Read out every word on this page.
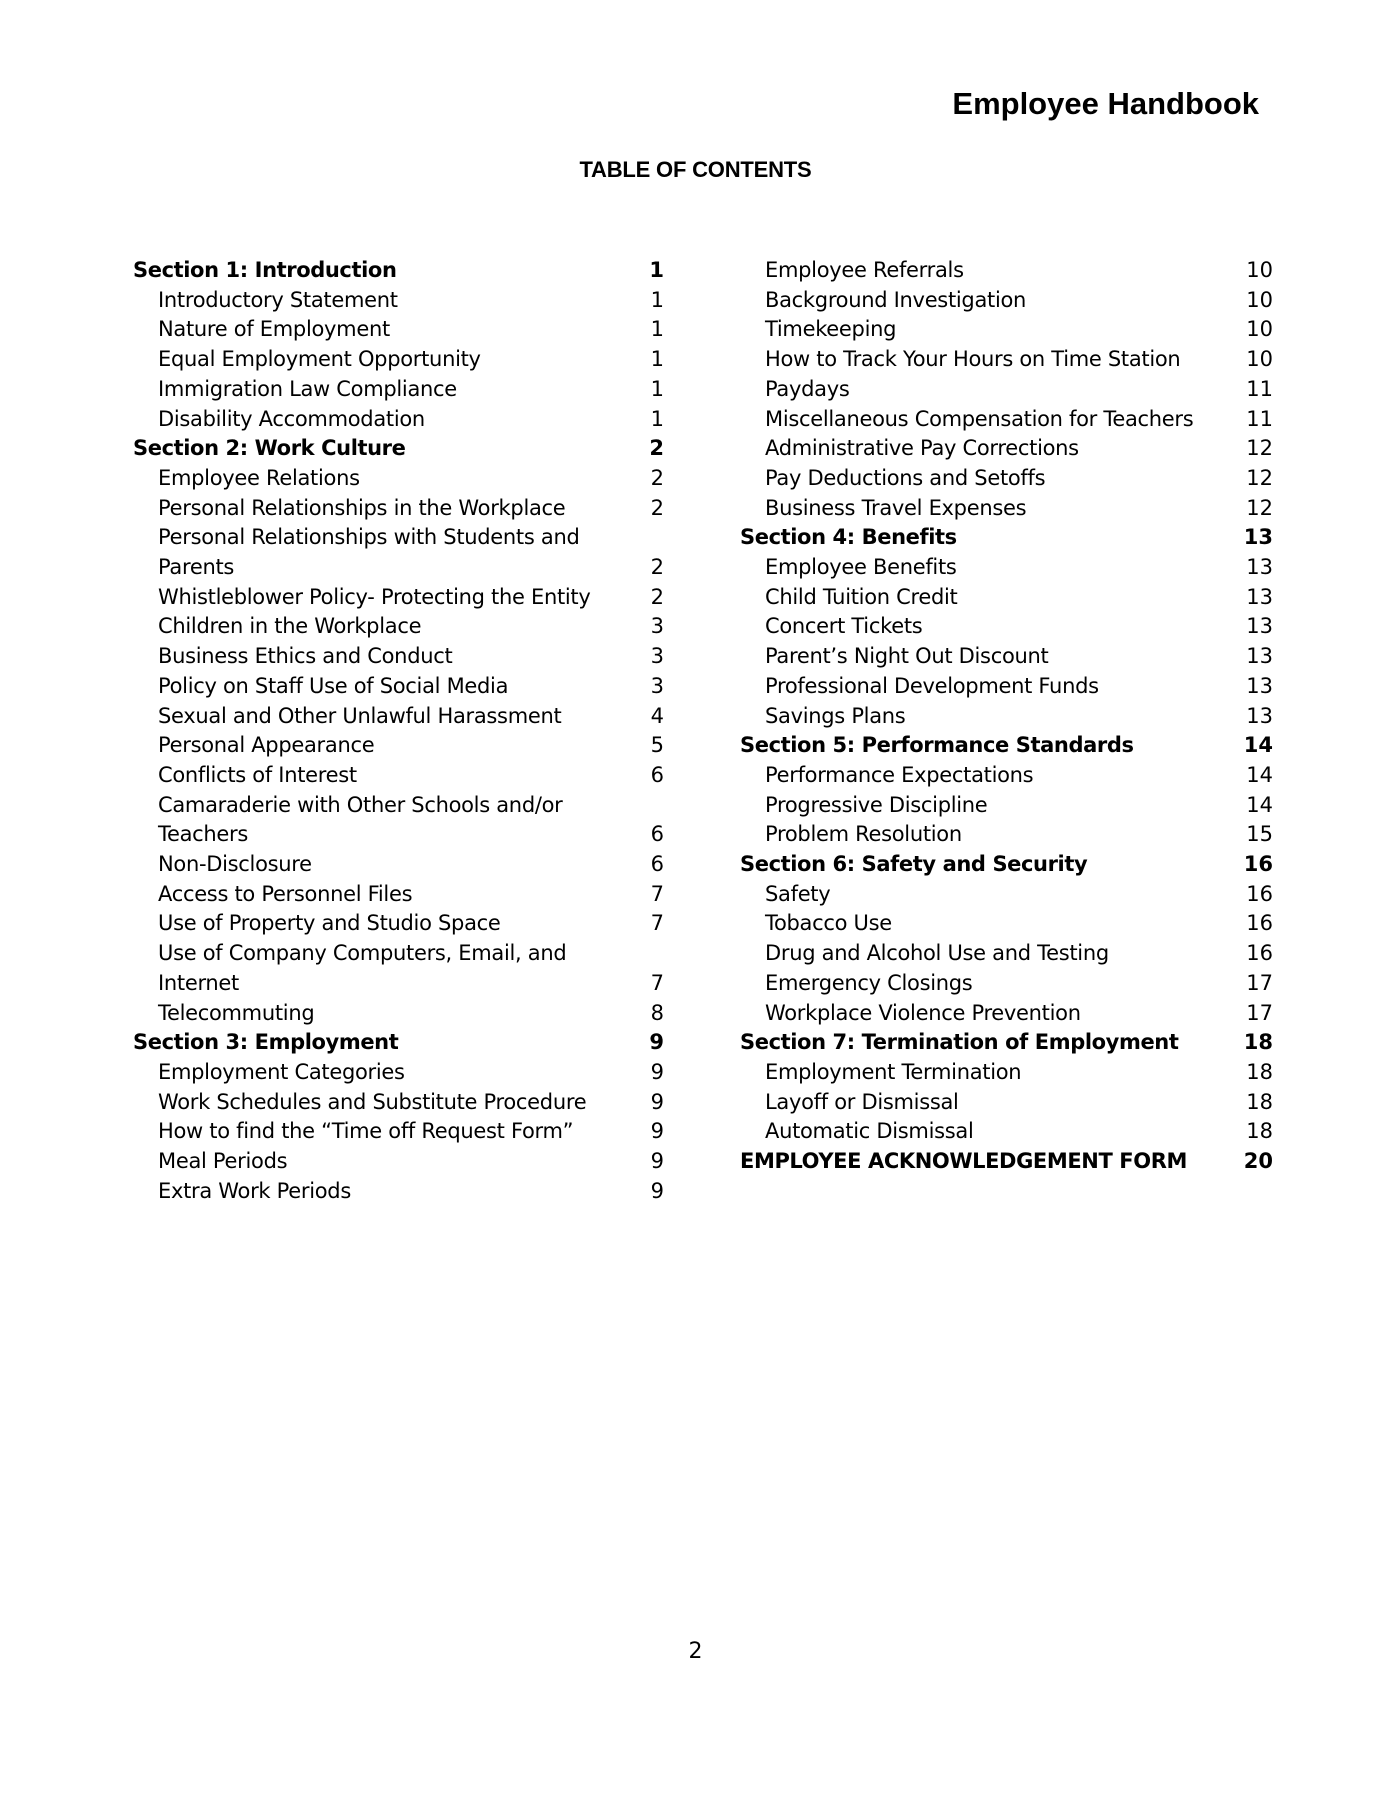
Employee Handbook
TABLE OF CONTENTS
Section 1: Introduction	1
Introductory Statement	1
Nature of Employment	1
Equal Employment Opportunity	1
Immigration Law Compliance	1
Disability Accommodation	1
Section 2: Work Culture	2
Employee Relations	2
Personal Relationships in the Workplace	2
Personal Relationships with Students and
Parents	2
Whistleblower Policy- Protecting the Entity	2
Children in the Workplace	3
Business Ethics and Conduct	3
Policy on Staff Use of Social Media	3
Sexual and Other Unlawful Harassment	4
Personal Appearance	5
Conflicts of Interest	6
Camaraderie with Other Schools and/or
Teachers	6
Non-Disclosure	6
Access to Personnel Files	7
Use of Property and Studio Space	7
Use of Company Computers, Email, and
Internet	7
Telecommuting	8
Section 3: Employment	9
Employment Categories	9
Work Schedules and Substitute Procedure	9
How to find the “Time off Request Form”	9
Meal Periods	9
Extra Work Periods	9
Employee Referrals	10
Background Investigation	10
Timekeeping	10
How to Track Your Hours on Time Station	10
Paydays	11
Miscellaneous Compensation for Teachers	11
Administrative Pay Corrections	12
Pay Deductions and Setoffs	12
Business Travel Expenses	12
Section 4: Benefits	13
Employee Benefits	13
Child Tuition Credit	13
Concert Tickets	13
Parent’s Night Out Discount	13
Professional Development Funds	13
Savings Plans	13
Section 5: Performance Standards	14
Performance Expectations	14
Progressive Discipline	14
Problem Resolution	15
Section 6: Safety and Security	16
Safety	16
Tobacco Use	16
Drug and Alcohol Use and Testing	16
Emergency Closings	17
Workplace Violence Prevention	17
Section 7: Termination of Employment	18
Employment Termination	18
Layoff or Dismissal	18
Automatic Dismissal	18
EMPLOYEE ACKNOWLEDGEMENT FORM	20
2
